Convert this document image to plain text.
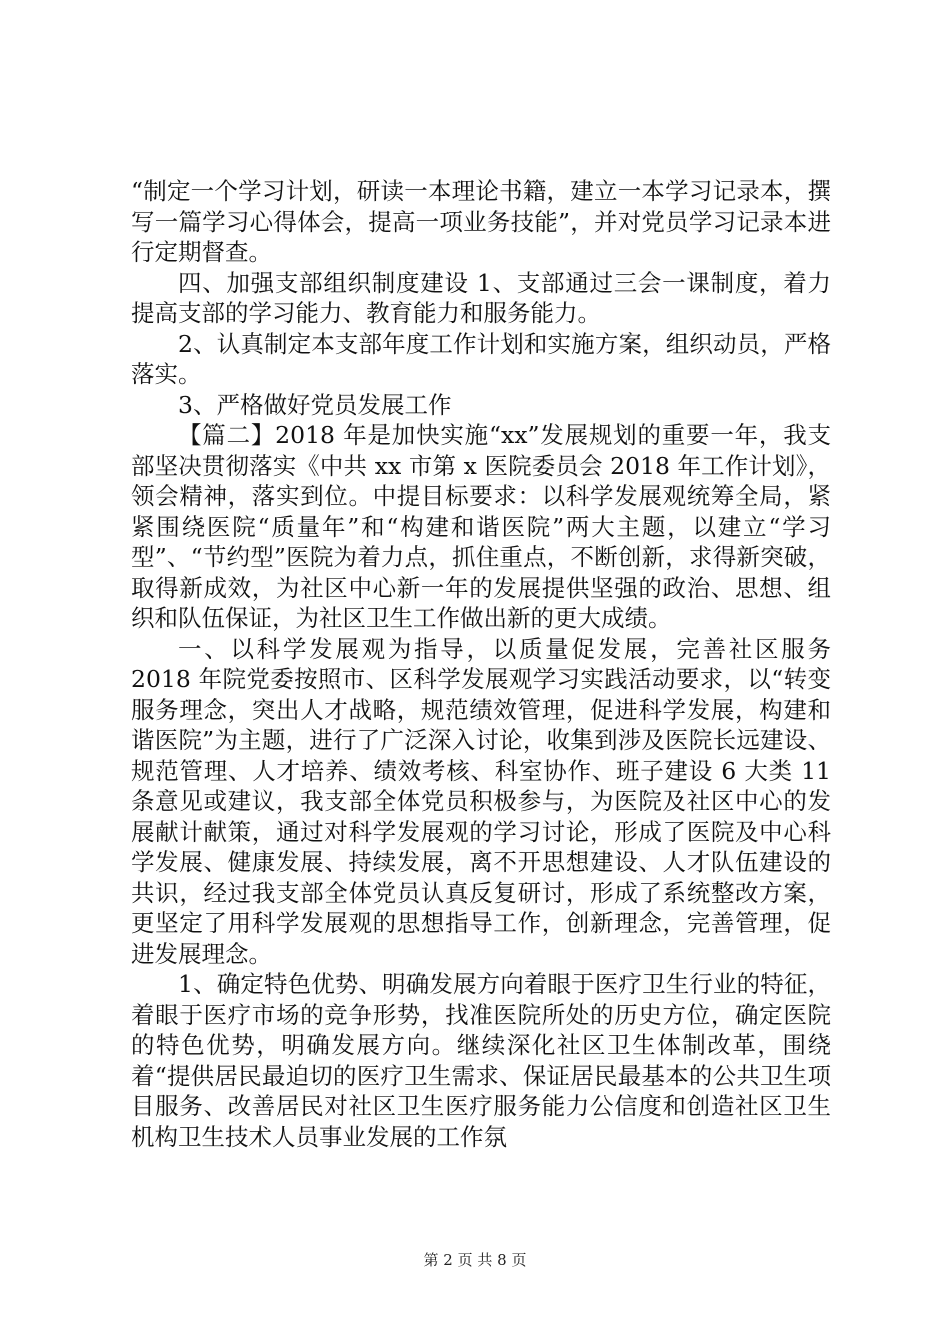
“制定一个学习计划，研读一本理论书籍，建立一本学习记录本，撰写一篇学习心得体会，提高一项业务技能”，并对党员学习记录本进行定期督查。

四、加强支部组织制度建设 1、支部通过三会一课制度，着力提高支部的学习能力、教育能力和服务能力。

2、认真制定本支部年度工作计划和实施方案，组织动员，严格落实。

3、严格做好党员发展工作

【篇二】2018 年是加快实施“xx”发展规划的重要一年，我支部坚决贯彻落实《中共 xx 市第 x 医院委员会 2018 年工作计划》，领会精神，落实到位。中提目标要求：以科学发展观统筹全局，紧紧围绕医院“质量年”和“构建和谐医院”两大主题，以建立“学习型”、“节约型”医院为着力点，抓住重点，不断创新，求得新突破，取得新成效，为社区中心新一年的发展提供坚强的政治、思想、组织和队伍保证，为社区卫生工作做出新的更大成绩。

一、以科学发展观为指导，以质量促发展，完善社区服务 2018 年院党委按照市、区科学发展观学习实践活动要求，以“转变服务理念，突出人才战略，规范绩效管理，促进科学发展，构建和谐医院”为主题，进行了广泛深入讨论，收集到涉及医院长远建设、规范管理、人才培养、绩效考核、科室协作、班子建设 6 大类 11 条意见或建议，我支部全体党员积极参与，为医院及社区中心的发展献计献策，通过对科学发展观的学习讨论，形成了医院及中心科学发展、健康发展、持续发展，离不开思想建设、人才队伍建设的共识，经过我支部全体党员认真反复研讨，形成了系统整改方案，更坚定了用科学发展观的思想指导工作，创新理念，完善管理，促进发展理念。

1、确定特色优势、明确发展方向着眼于医疗卫生行业的特征，着眼于医疗市场的竞争形势，找准医院所处的历史方位，确定医院的特色优势，明确发展方向。继续深化社区卫生体制改革，围绕着“提供居民最迫切的医疗卫生需求、保证居民最基本的公共卫生项目服务、改善居民对社区卫生医疗服务能力公信度和创造社区卫生机构卫生技术人员事业发展的工作氛

第 2 页 共 8 页
